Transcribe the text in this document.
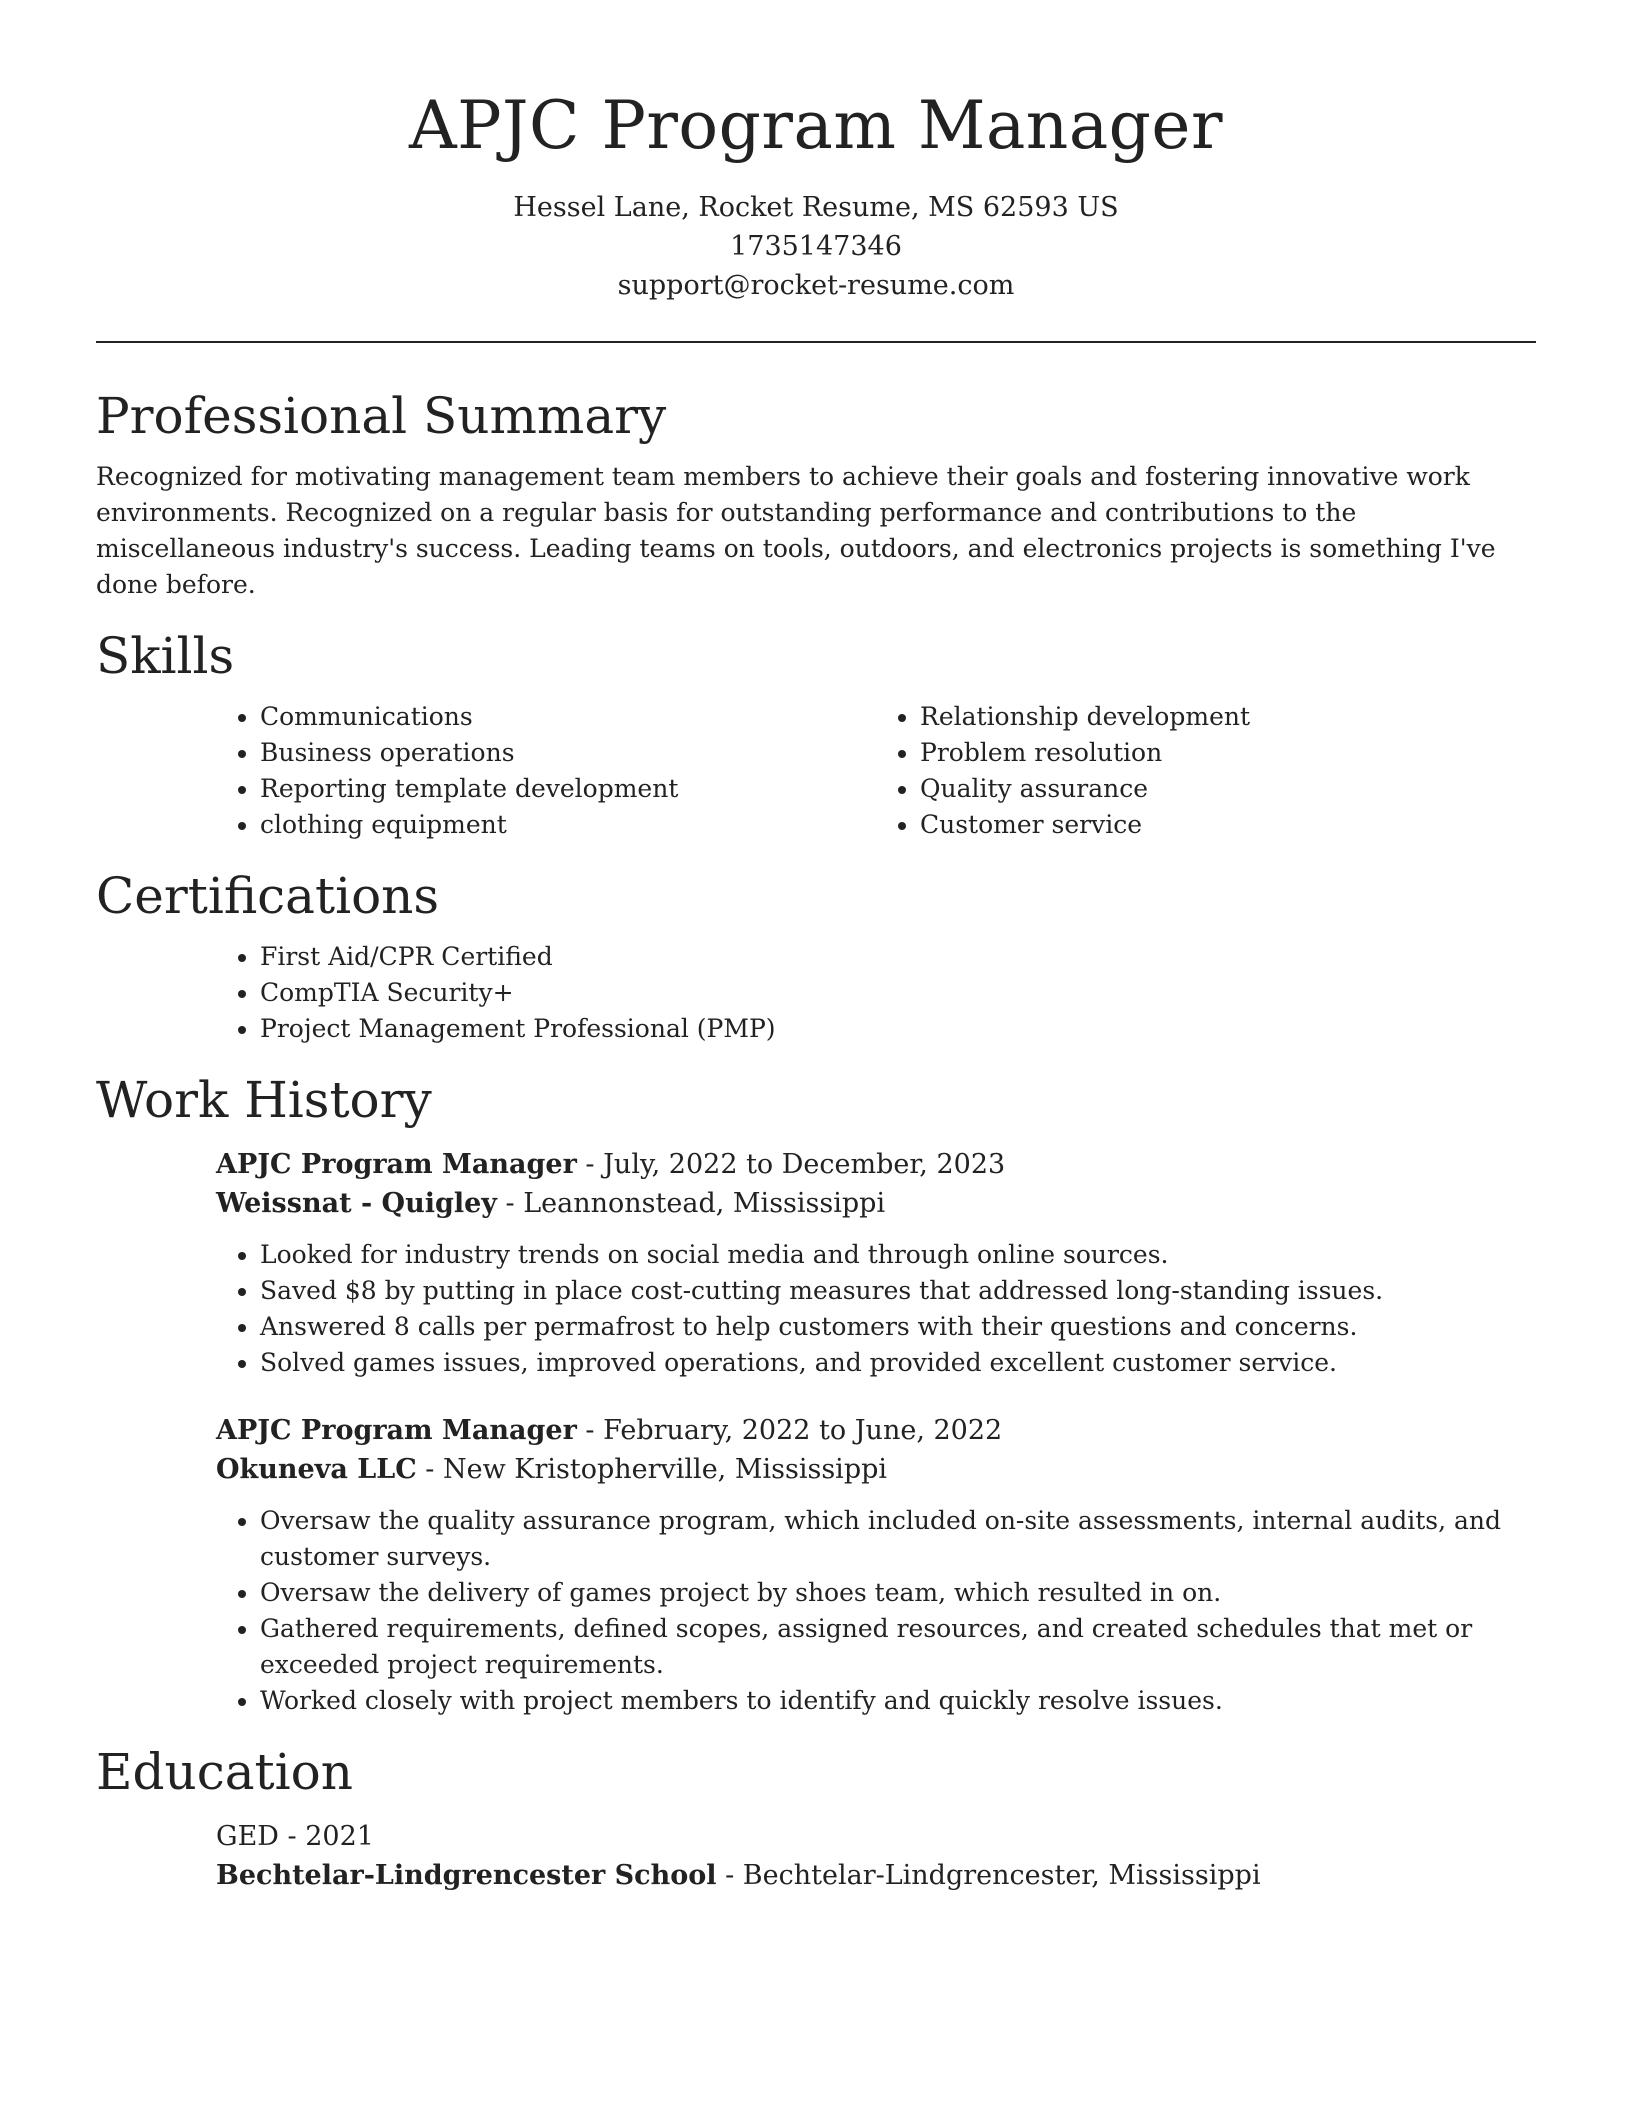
APJC Program Manager
Hessel Lane, Rocket Resume, MS 62593 US
1735147346
support@rocket-resume.com
Professional Summary

Recognized for motivating management team members to achieve their goals and fostering innovative work environments. Recognized on a regular basis for outstanding performance and contributions to the miscellaneous industry's success. Leading teams on tools, outdoors, and electronics projects is something I've done before.

Skills
• Communications
• Business operations
• Reporting template development
• clothing equipment
• Relationship development
• Problem resolution
• Quality assurance
• Customer service
Certifications
• First Aid/CPR Certified
• CompTIA Security+
• Project Management Professional (PMP)
Work History
APJC Program Manager - July, 2022 to December, 2023
Weissnat - Quigley - Leannonstead, Mississippi
• Looked for industry trends on social media and through online sources.
• Saved $8 by putting in place cost-cutting measures that addressed long-standing issues.
• Answered 8 calls per permafrost to help customers with their questions and concerns.
• Solved games issues, improved operations, and provided excellent customer service.
APJC Program Manager - February, 2022 to June, 2022
Okuneva LLC - New Kristopherville, Mississippi
• Oversaw the quality assurance program, which included on-site assessments, internal audits, and customer surveys.
• Oversaw the delivery of games project by shoes team, which resulted in on.
• Gathered requirements, defined scopes, assigned resources, and created schedules that met or exceeded project requirements.
• Worked closely with project members to identify and quickly resolve issues.
Education
GED - 2021
Bechtelar-Lindgrencester School - Bechtelar-Lindgrencester, Mississippi
